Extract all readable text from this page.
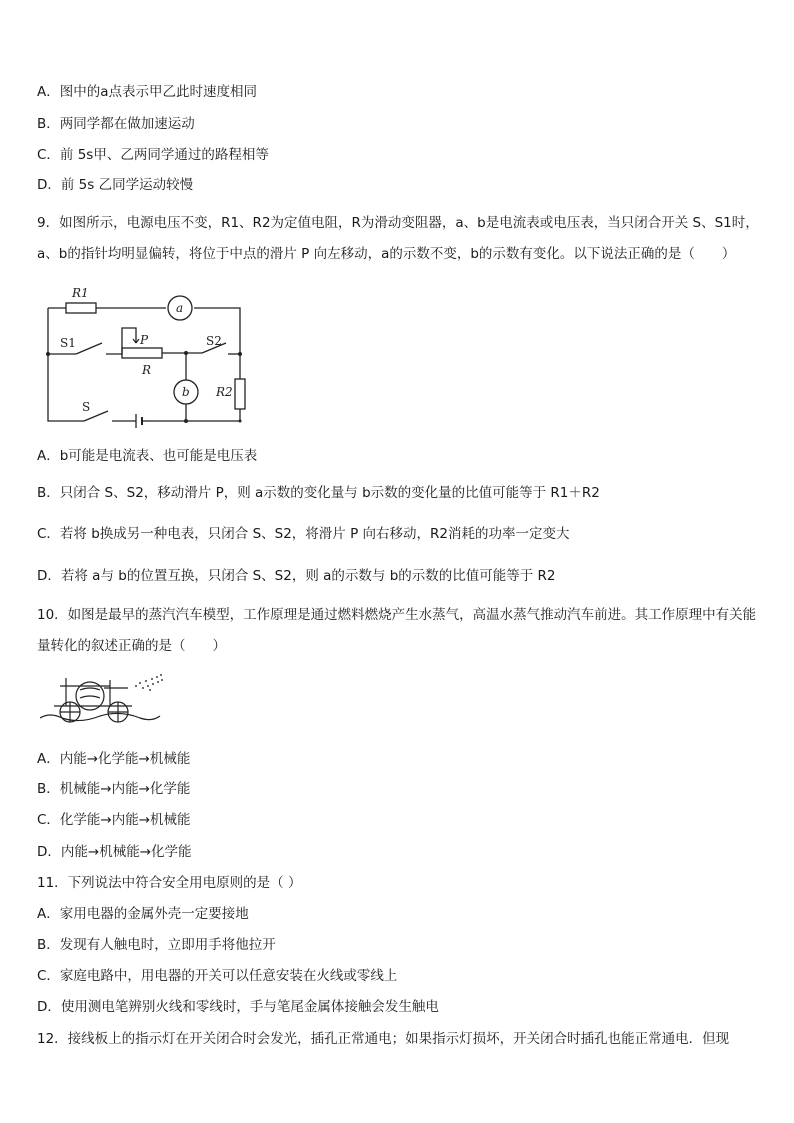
A．图中的a点表示甲乙此时速度相同
B．两同学都在做加速运动
C．前 5s甲、乙两同学通过的路程相等
D．前 5s 乙同学运动较慢
9．如图所示，电源电压不变，R1、R2为定值电阻，R为滑动变阻器，a、b是电流表或电压表，当只闭合开关 S、S1时，a、b的指针均明显偏转，将位于中点的滑片 P 向左移动，a的示数不变，b的示数有变化。以下说法正确的是（　　）
R1
a
S1	P
R
S2
b R2
S
A．b可能是电流表、也可能是电压表
B．只闭合 S、S2，移动滑片 P，则 a示数的变化量与 b示数的变化量的比值可能等于 R1＋R2
C．若将 b换成另一种电表，只闭合 S、S2，将滑片 P 向右移动，R2消耗的功率一定变大
D．若将 a与 b的位置互换，只闭合 S、S2，则 a的示数与 b的示数的比值可能等于 R2
10．如图是最早的蒸汽汽车模型，工作原理是通过燃料燃烧产生水蒸气，高温水蒸气推动汽车前进。其工作原理中有关能量转化的叙述正确的是（　　）
A．内能→化学能→机械能
B．机械能→内能→化学能
C．化学能→内能→机械能
D．内能→机械能→化学能
11．下列说法中符合安全用电原则的是（ ）
A．家用电器的金属外壳一定要接地
B．发现有人触电时，立即用手将他拉开
C．家庭电路中，用电器的开关可以任意安装在火线或零线上
D．使用测电笔辨别火线和零线时，手与笔尾金属体接触会发生触电
12．接线板上的指示灯在开关闭合时会发光，插孔正常通电；如果指示灯损坏，开关闭合时插孔也能正常通电．但现
